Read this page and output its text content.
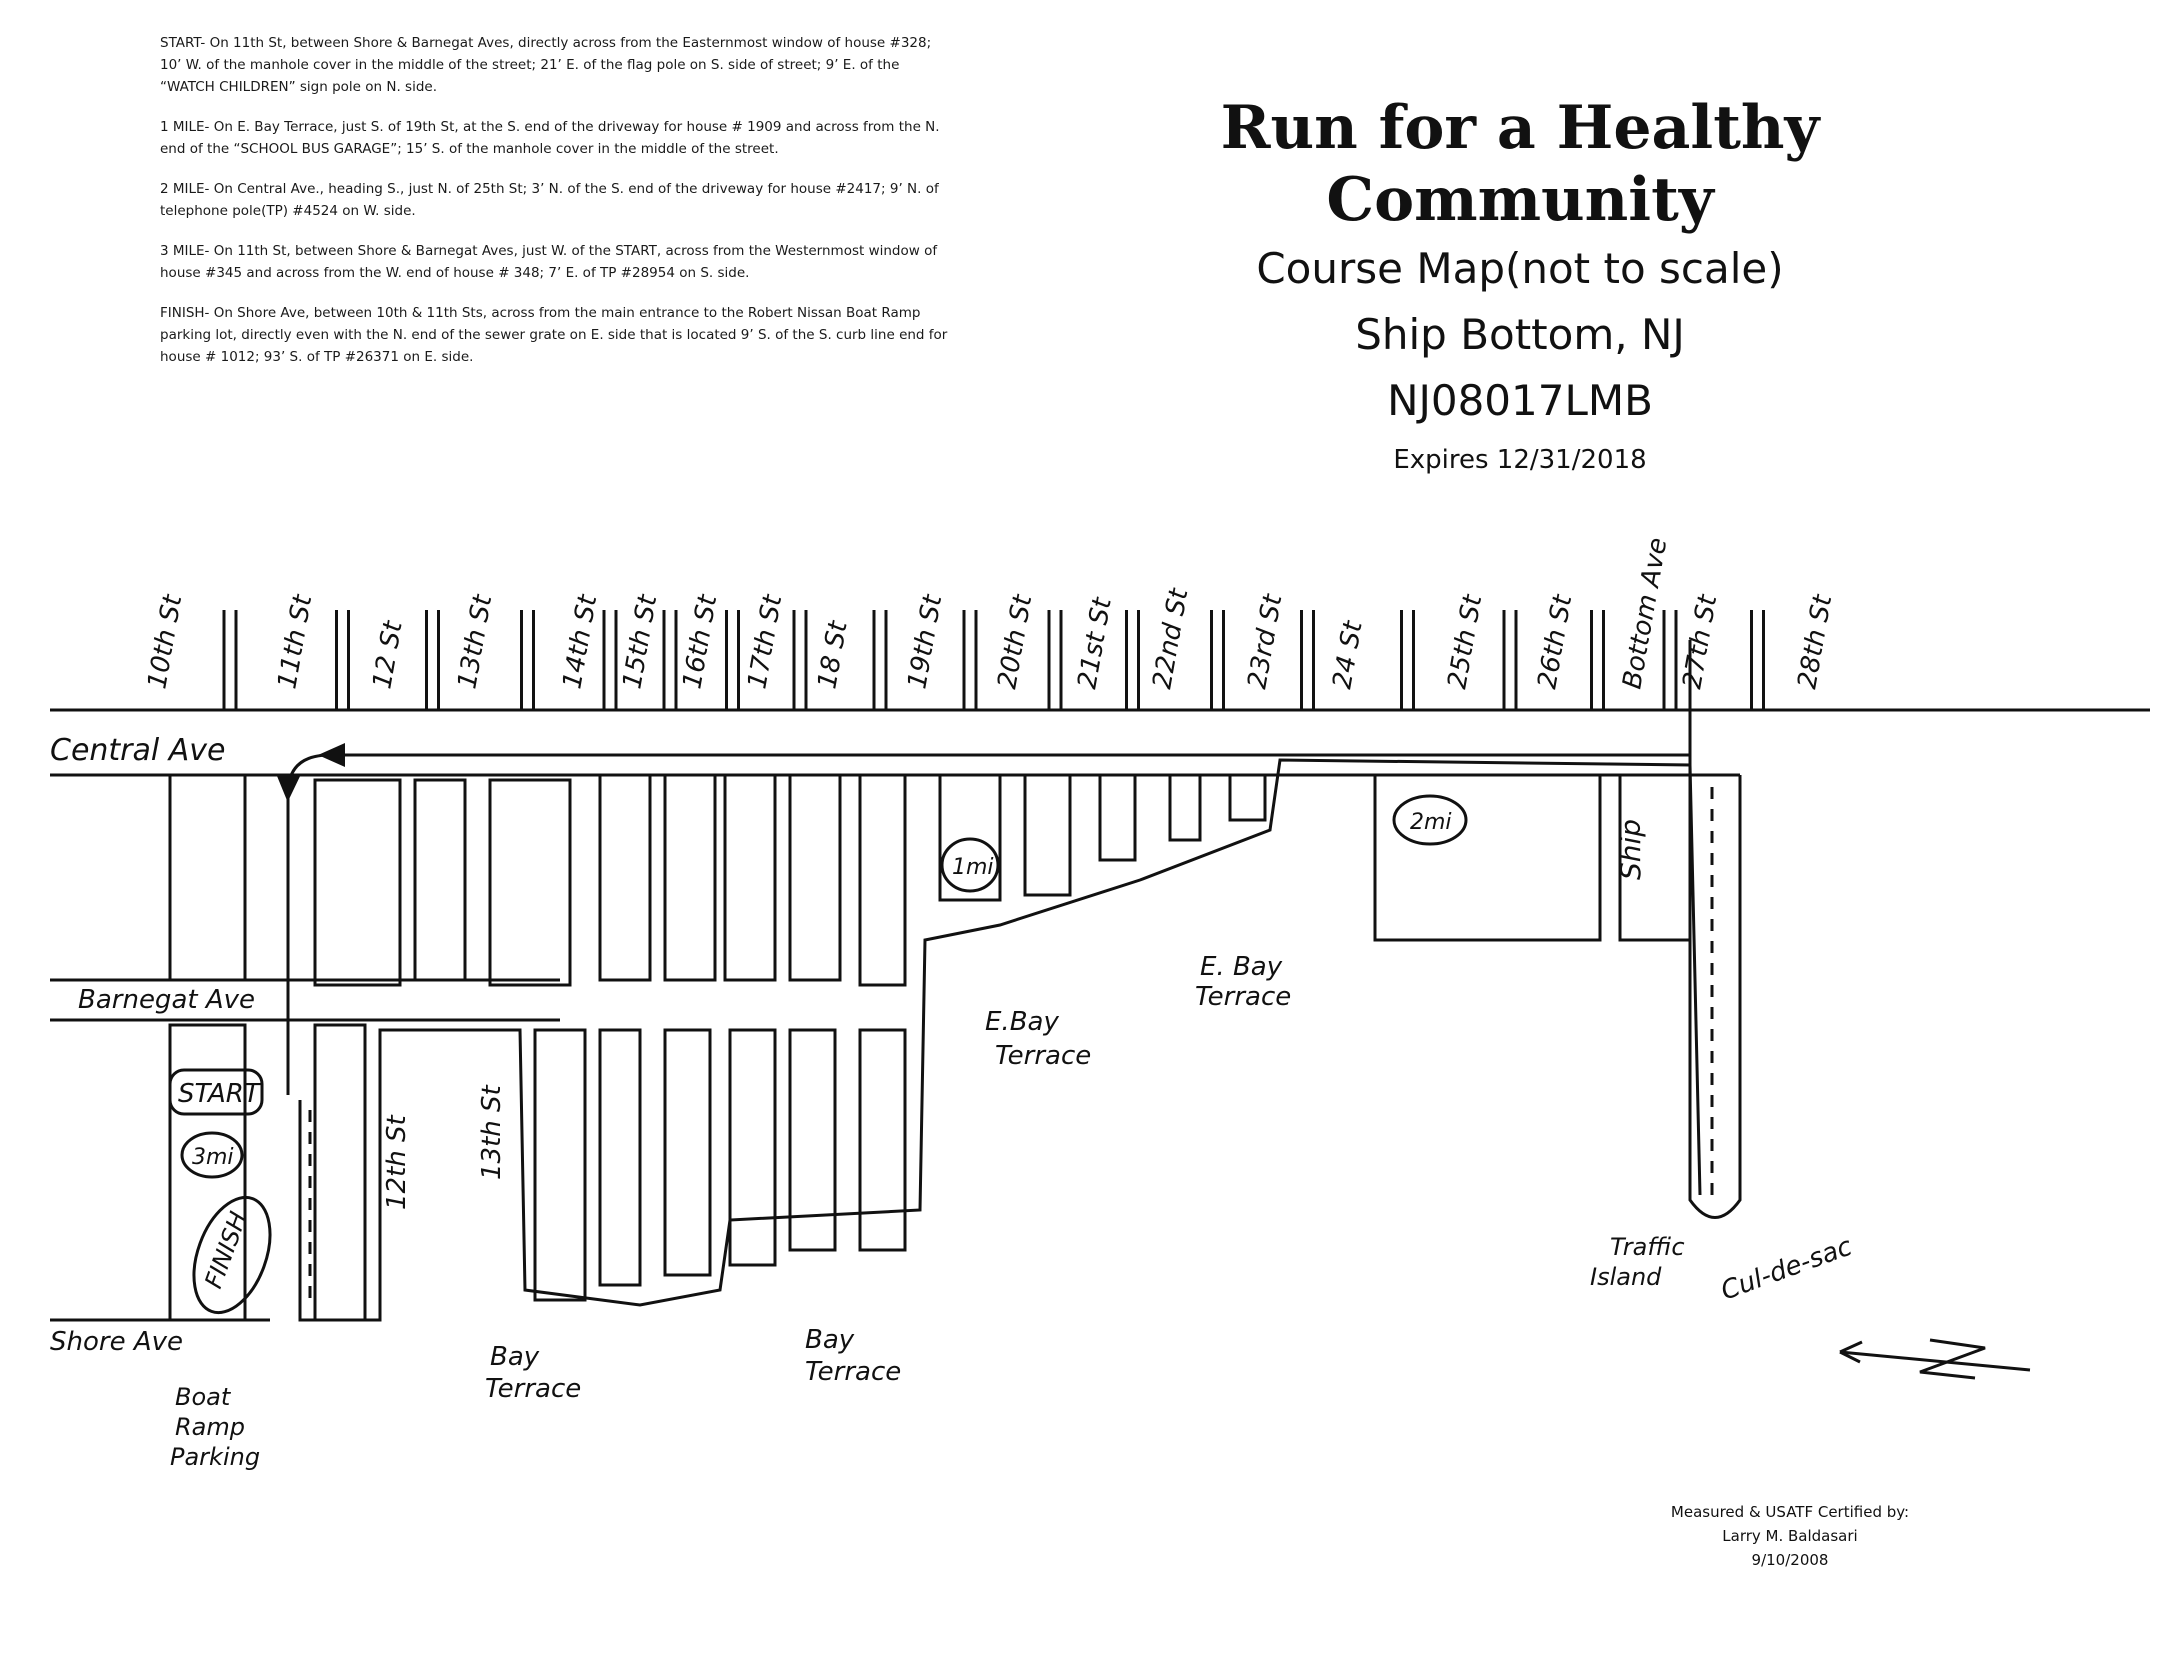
START- On 11th St, between Shore & Barnegat Aves, directly across from the Easternmost window of house #328; 10’ W. of the manhole cover in the middle of the street; 21’ E. of the flag pole on S. side of street; 9’ E. of the “WATCH CHILDREN” sign pole on N. side.

1 MILE- On E. Bay Terrace, just S. of 19th St, at the S. end of the driveway for house # 1909 and across from the N. end of the “SCHOOL BUS GARAGE”; 15’ S. of the manhole cover in the middle of the street.

2 MILE- On Central Ave., heading S., just N. of 25th St; 3’ N. of the S. end of the driveway for house #2417; 9’ N. of telephone pole(TP) #4524 on W. side.

3 MILE- On 11th St, between Shore & Barnegat Aves, just W. of the START, across from the Westernmost window of house #345 and across from the W. end of house # 348; 7’ E. of TP #28954 on S. side.

FINISH- On Shore Ave, between 10th & 11th Sts, across from the main entrance to the Robert Nissan Boat Ramp parking lot, directly even with the N. end of the sewer grate on E. side that is located 9’ S. of the S. curb line end for house # 1012; 93’ S. of TP #26371 on E. side.

Run for a Healthy Community
Course Map(not to scale)
Ship Bottom, NJ
NJ08017LMB
Expires 12/31/2018
10th St	11th St 12 St 13th St 14th St 15th St 16th St 17th St 18 St 19th St 20th St 21st St 22nd St 23rd St 24 St	25th St 26th St Bottom Ave 27th St	28th St
Central Ave
Barnegat Ave
Shore Ave
12th St	13th St
Ship
START
3mi
FINISH
1mi
2mi
Boat
Ramp
Parking
Bay
Terrace
Bay
Terrace
E.Bay
Terrace
E. Bay
Terrace
Traffic
Island Cul-de-sac
Measured & USATF Certified by:
Larry M. Baldasari
9/10/2008
